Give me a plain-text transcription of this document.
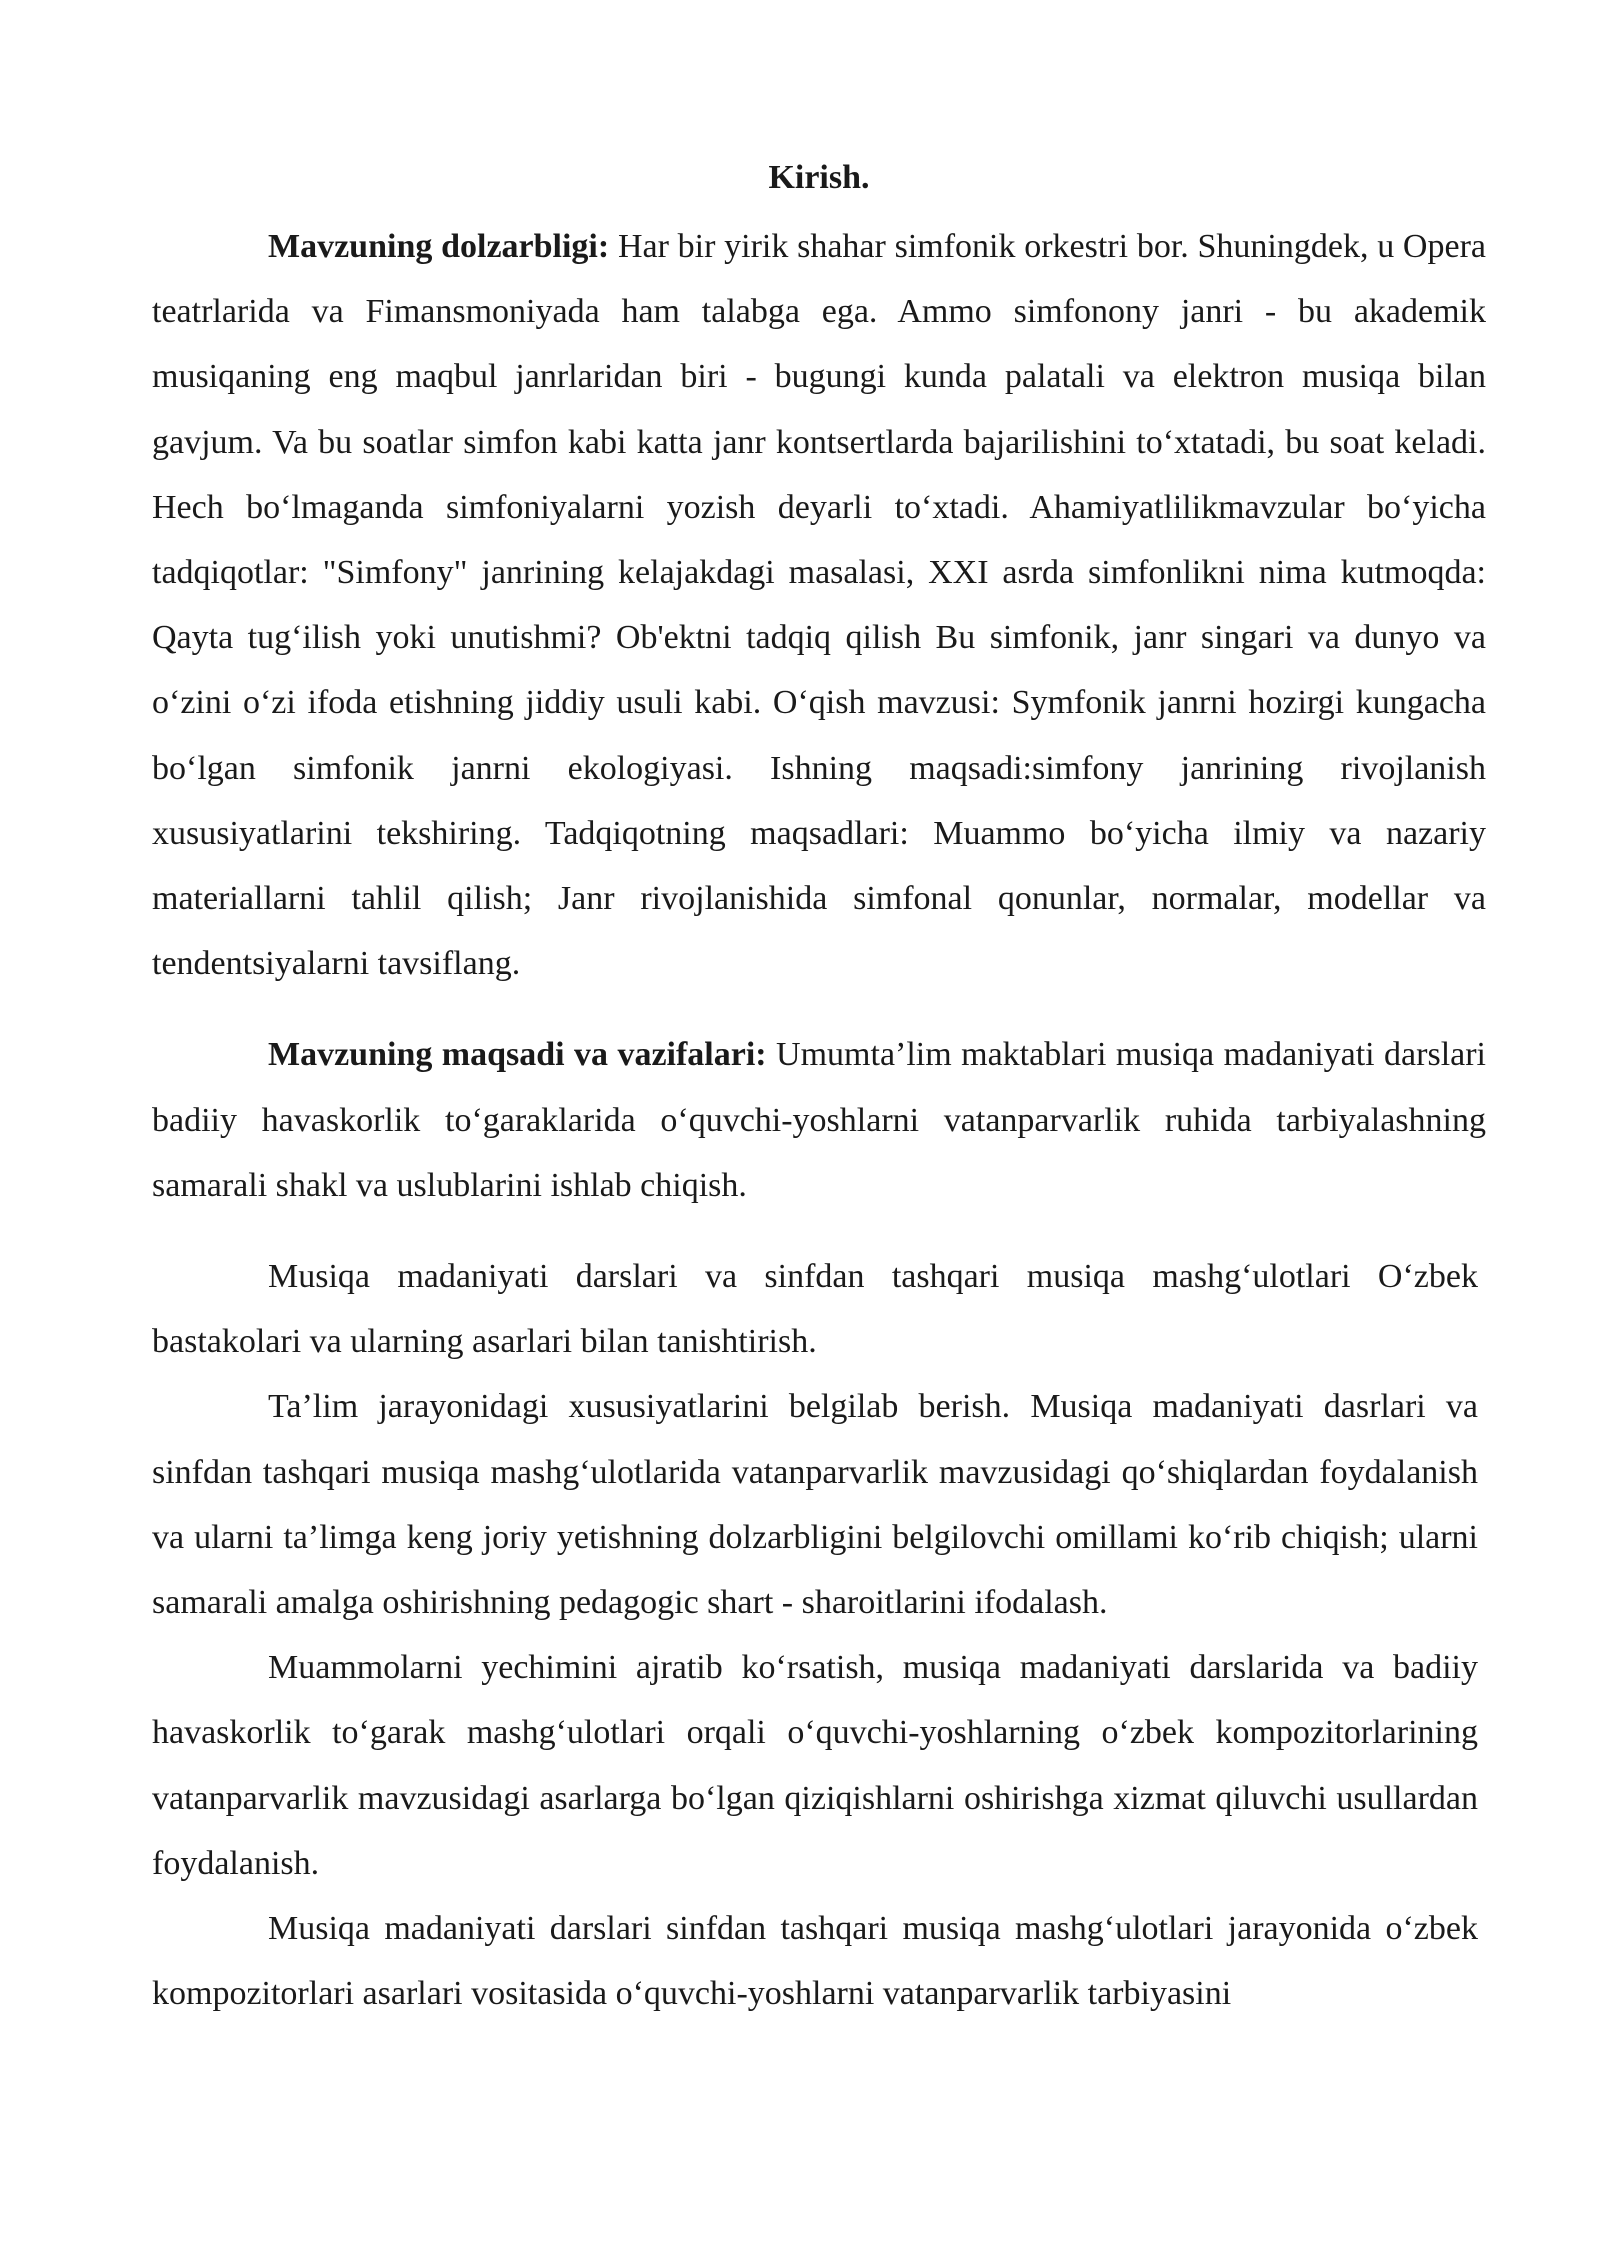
Kirish.

Mavzuning dolzarbligi: Har bir yirik shahar simfonik orkestri bor. Shuningdek, u Opera teatrlarida va Fimansmoniyada ham talabga ega. Ammo simfonony janri - bu akademik musiqaning eng maqbul janrlaridan biri - bugungi kunda palatali va elektron musiqa bilan gavjum. Va bu soatlar simfon kabi katta janr kontsertlarda bajarilishini to‘xtatadi, bu soat keladi. Hech bo‘lmaganda simfoniyalarni yozish deyarli to‘xtadi. Ahamiyatlilikmavzular bo‘yicha tadqiqotlar: "Simfony" janrining kelajakdagi masalasi, XXI asrda simfonlikni nima kutmoqda: Qayta tug‘ilish yoki unutishmi? Ob'ektni tadqiq qilish Bu simfonik, janr singari va dunyo va o‘zini o‘zi ifoda etishning jiddiy usuli kabi. O‘qish mavzusi: Symfonik janrni hozirgi kungacha bo‘lgan simfonik janrni ekologiyasi. Ishning maqsadi:simfony janrining rivojlanish xususiyatlarini tekshiring. Tadqiqotning maqsadlari: Muammo bo‘yicha ilmiy va nazariy materiallarni tahlil qilish; Janr rivojlanishida simfonal qonunlar, normalar, modellar va tendentsiyalarni tavsiflang.

Mavzuning maqsadi va vazifalari: Umumta’lim maktablari musiqa madaniyati darslari badiiy havaskorlik to‘garaklarida o‘quvchi-yoshlarni vatanparvarlik ruhida tarbiyalashning samarali shakl va uslublarini ishlab chiqish.

Musiqa madaniyati darslari va sinfdan tashqari musiqa mashg‘ulotlari O‘zbek bastakolari va ularning asarlari bilan tanishtirish.

Ta’lim jarayonidagi xususiyatlarini belgilab berish. Musiqa madaniyati dasrlari va sinfdan tashqari musiqa mashg‘ulotlarida vatanparvarlik mavzusidagi qo‘shiqlardan foydalanish va ularni ta’limga keng joriy yetishning dolzarbligini belgilovchi omillami ko‘rib chiqish; ularni samarali amalga oshirishning pedagogic shart - sharoitlarini ifodalash.

Muammolarni yechimini ajratib ko‘rsatish, musiqa madaniyati darslarida va badiiy havaskorlik to‘garak mashg‘ulotlari orqali o‘quvchi-yoshlarning o‘zbek kompozitorlarining vatanparvarlik mavzusidagi asarlarga bo‘lgan qiziqishlarni oshirishga xizmat qiluvchi usullardan foydalanish.

Musiqa madaniyati darslari sinfdan tashqari musiqa mashg‘ulotlari jarayonida o‘zbek kompozitorlari asarlari vositasida o‘quvchi-yoshlarni vatanparvarlik tarbiyasini
